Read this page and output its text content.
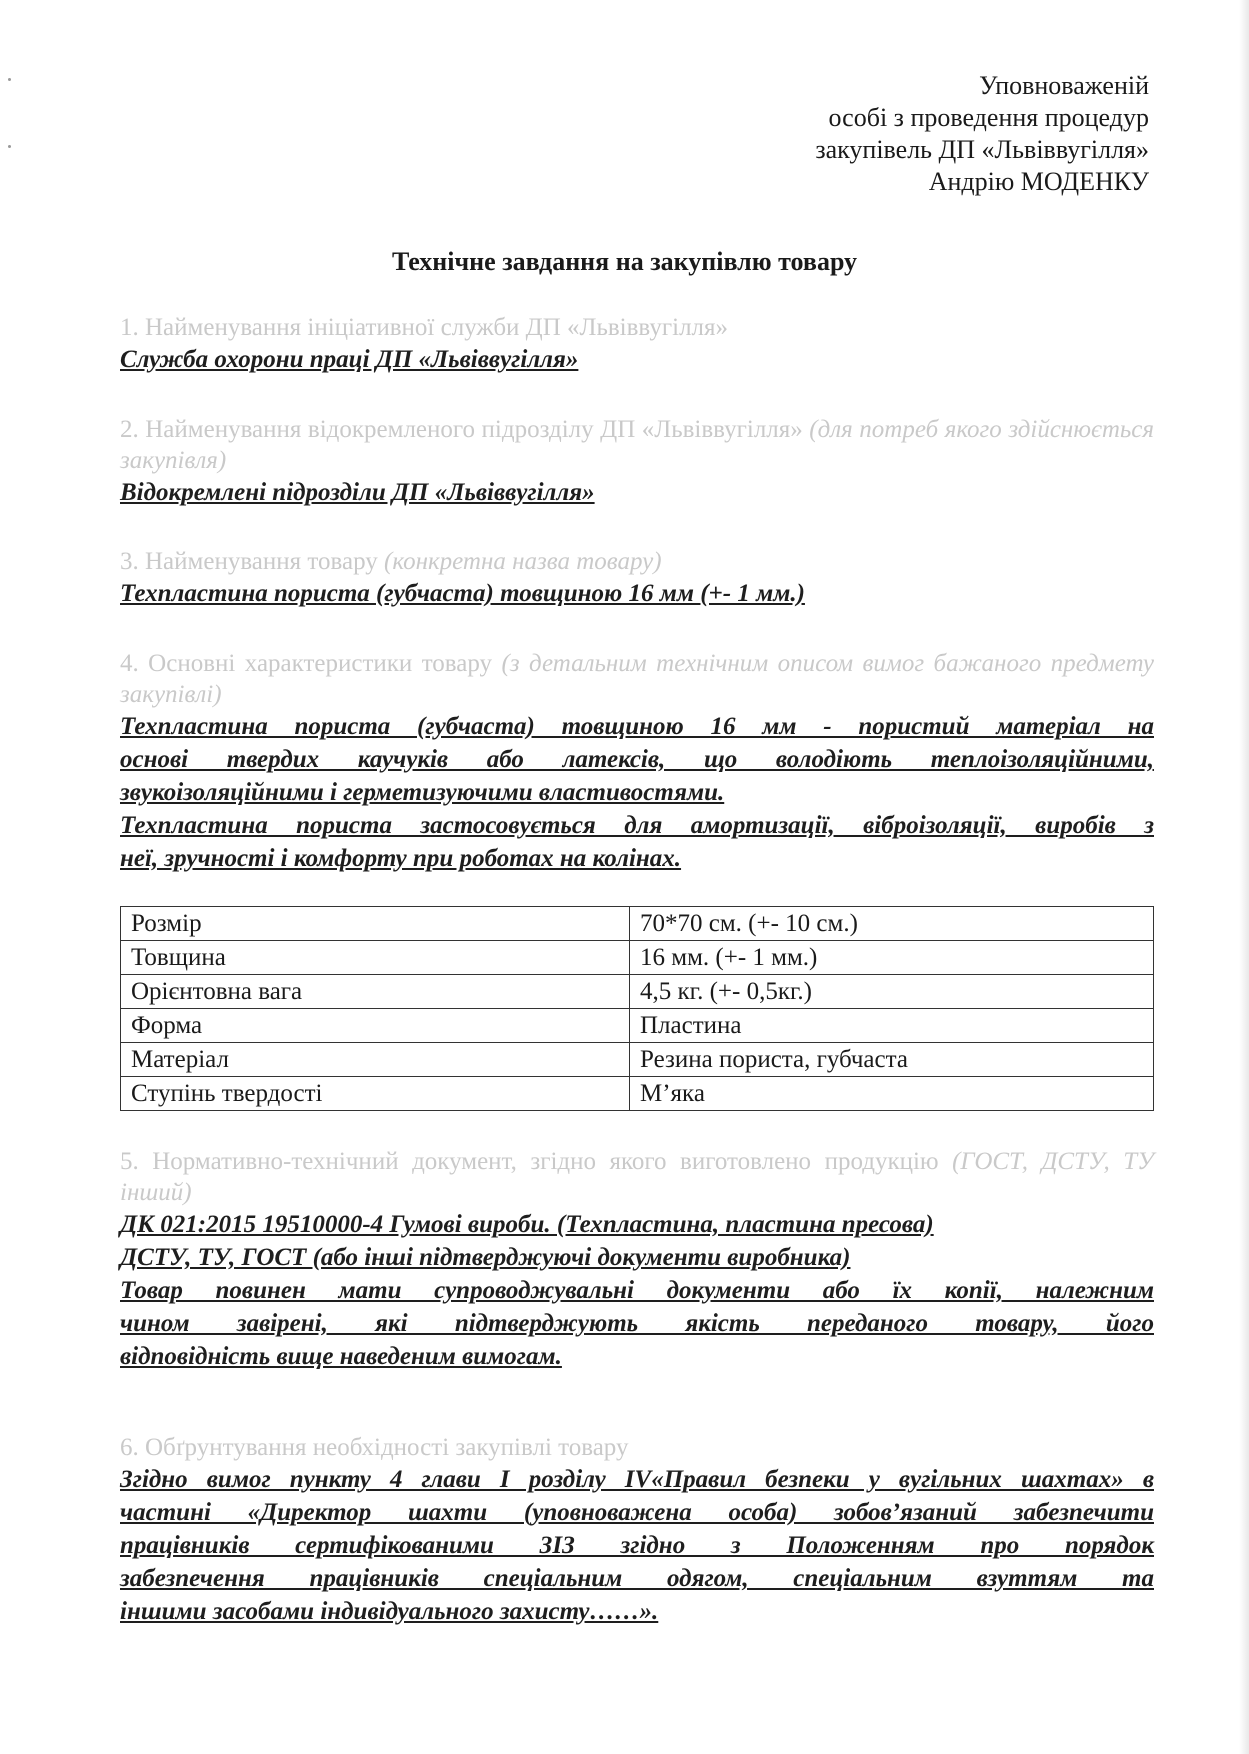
Уповноваженій
особі з проведення процедур
закупівель ДП «Львіввугілля»
Андрію МОДЕНКУ
Технічне завдання на закупівлю товару
1. Найменування ініціативної служби ДП «Львіввугілля»
Служба охорони праці ДП «Львіввугілля»
2. Найменування відокремленого підрозділу ДП «Львіввугілля» (для потреб якого здійснюється закупівля)
Відокремлені підрозділи ДП «Львіввугілля»
3. Найменування товару (конкретна назва товару)
Техпластина пориста (губчаста) товщиною 16 мм (+- 1 мм.)
4. Основні характеристики товару (з детальним технічним описом вимог бажаного предмету закупівлі)

Техпластина пориста (губчаста) товщиною 16 мм - пористий матеріал на

основі твердих каучуків або латексів, що володіють теплоізоляційними,

звукоізоляційними і герметизуючими властивостями.

Техпластина пориста застосовується для амортизації, віброізоляції, виробів з

неї, зручності і комфорту при роботах на колінах.

Розмір	70*70 см. (+- 10 см.)
Товщина	16 мм. (+- 1 мм.)
Орієнтовна вага	4,5 кг. (+- 0,5кг.)
Форма	Пластина
Матеріал	Резина пориста, губчаста
Ступінь твердості	М’яка
5. Нормативно-технічний документ, згідно якого виготовлено продукцію (ГОСТ, ДСТУ, ТУ інший)

ДК 021:2015 19510000-4 Гумові вироби. (Техпластина, пластина пресова)

ДСТУ, ТУ, ГОСТ (або інші підтверджуючі документи виробника)

Товар повинен мати супроводжувальні документи або їх копії, належним

чином завірені, які підтверджують якість переданого товару, його

відповідність вище наведеним вимогам.

6. Обґрунтування необхідності закупівлі товару

Згідно вимог пункту 4 глави І розділу IV«Правил безпеки у вугільних шахтах» в

частині «Директор шахти (уповноважена особа) зобов’язаний забезпечити

працівників сертифікованими ЗІЗ згідно з Положенням про порядок

забезпечення працівників спеціальним одягом, спеціальним взуттям та

іншими засобами індивідуального захисту……».
